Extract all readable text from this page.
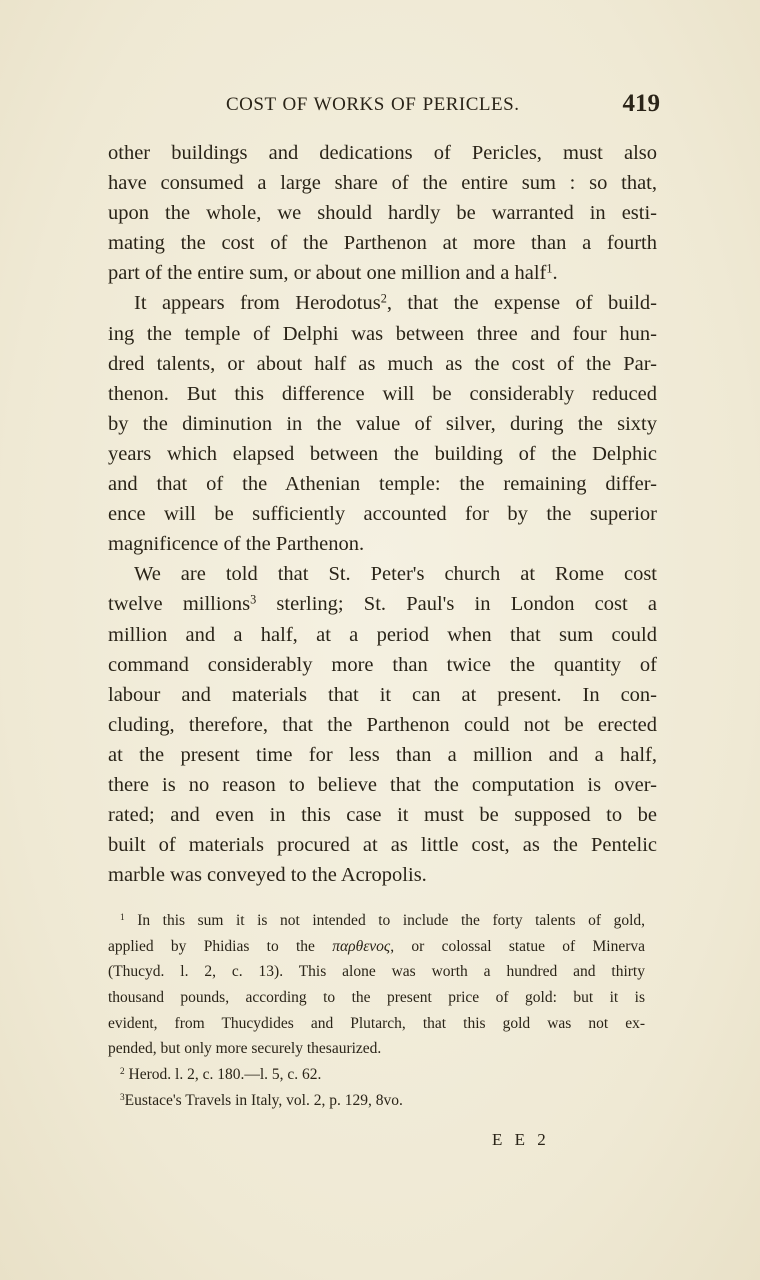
COST OF WORKS OF PERICLES.	419
other buildings and dedications of Pericles, must also
have consumed a large share of the entire sum : so that,
upon the whole, we should hardly be warranted in esti-
mating the cost of the Parthenon at more than a fourth
part of the entire sum, or about one million and a half$^1$.
It appears from Herodotus$^2$, that the expense of build-
ing the temple of Delphi was between three and four hun-
dred talents, or about half as much as the cost of the Par-
thenon. But this difference will be considerably reduced
by the diminution in the value of silver, during the sixty
years which elapsed between the building of the Delphic
and that of the Athenian temple: the remaining differ-
ence will be sufficiently accounted for by the superior
magnificence of the Parthenon.
We are told that St. Peter's church at Rome cost
twelve millions$^3$ sterling; St. Paul's in London cost a
million and a half, at a period when that sum could
command considerably more than twice the quantity of
labour and materials that it can at present. In con-
cluding, therefore, that the Parthenon could not be erected
at the present time for less than a million and a half,
there is no reason to believe that the computation is over-
rated; and even in this case it must be supposed to be
built of materials procured at as little cost, as the Pentelic
marble was conveyed to the Acropolis.
$^1$ In this sum it is not intended to include the forty talents of gold,
applied by Phidias to the παρθενος, or colossal statue of Minerva
(Thucyd. l. 2, c. 13). This alone was worth a hundred and thirty
thousand pounds, according to the present price of gold: but it is
evident, from Thucydides and Plutarch, that this gold was not ex-
pended, but only more securely thesaurized.
$^2$ Herod. l. 2, c. 180.—l. 5, c. 62.
$^3$Eustace's Travels in Italy, vol. 2, p. 129, 8vo.
E E 2
